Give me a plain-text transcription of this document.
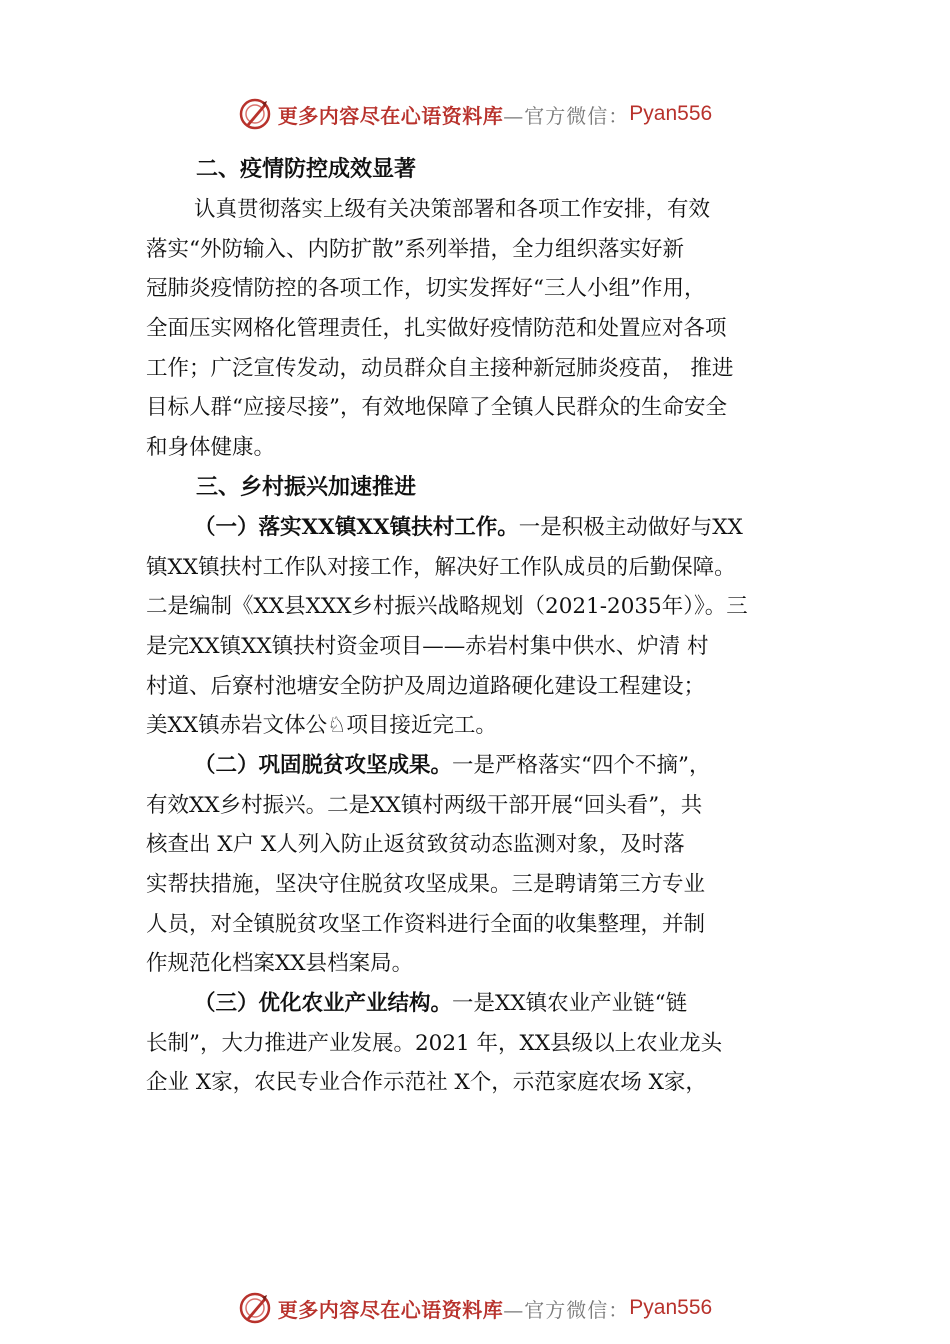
更多内容尽在心语资料库 —官方微信： Pyan556
二、疫情防控成效显著
认真贯彻落实上级有关决策部署和各项工作安排，有效
落实“外防输入、内防扩散”系列举措，全力组织落实好新
冠肺炎疫情防控的各项工作，切实发挥好“三人小组”作用，
全面压实网格化管理责任，扎实做好疫情防范和处置应对各项
工作；广泛宣传发动，动员群众自主接种新冠肺炎疫苗， 推进
目标人群“应接尽接”，有效地保障了全镇人民群众的生命安全
和身体健康。
三、乡村振兴加速推进
（一）落实XX镇XX镇扶村工作。一是积极主动做好与XX
镇XX镇扶村工作队对接工作，解决好工作队成员的后勤保障。
二是编制《XX县XXX乡村振兴战略规划（2021-2035年）》。三
是完XX镇XX镇扶村资金项目——赤岩村集中供水、炉清 村
村道、后寮村池塘安全防护及周边道路硬化建设工程建设；
美XX镇赤岩文体公♘项目接近完工。
（二）巩固脱贫攻坚成果。一是严格落实“四个不摘”，
有效XX乡村振兴。二是XX镇村两级干部开展“回头看”，共
核查出 X户 X人列入防止返贫致贫动态监测对象，及时落
实帮扶措施，坚决守住脱贫攻坚成果。三是聘请第三方专业
人员，对全镇脱贫攻坚工作资料进行全面的收集整理，并制
作规范化档案XX县档案局。
（三）优化农业产业结构。一是XX镇农业产业链“链
长制”，大力推进产业发展。2021 年，XX县级以上农业龙头
企业 X家，农民专业合作示范社 X个，示范家庭农场 X家，
更多内容尽在心语资料库 —官方微信： Pyan556
